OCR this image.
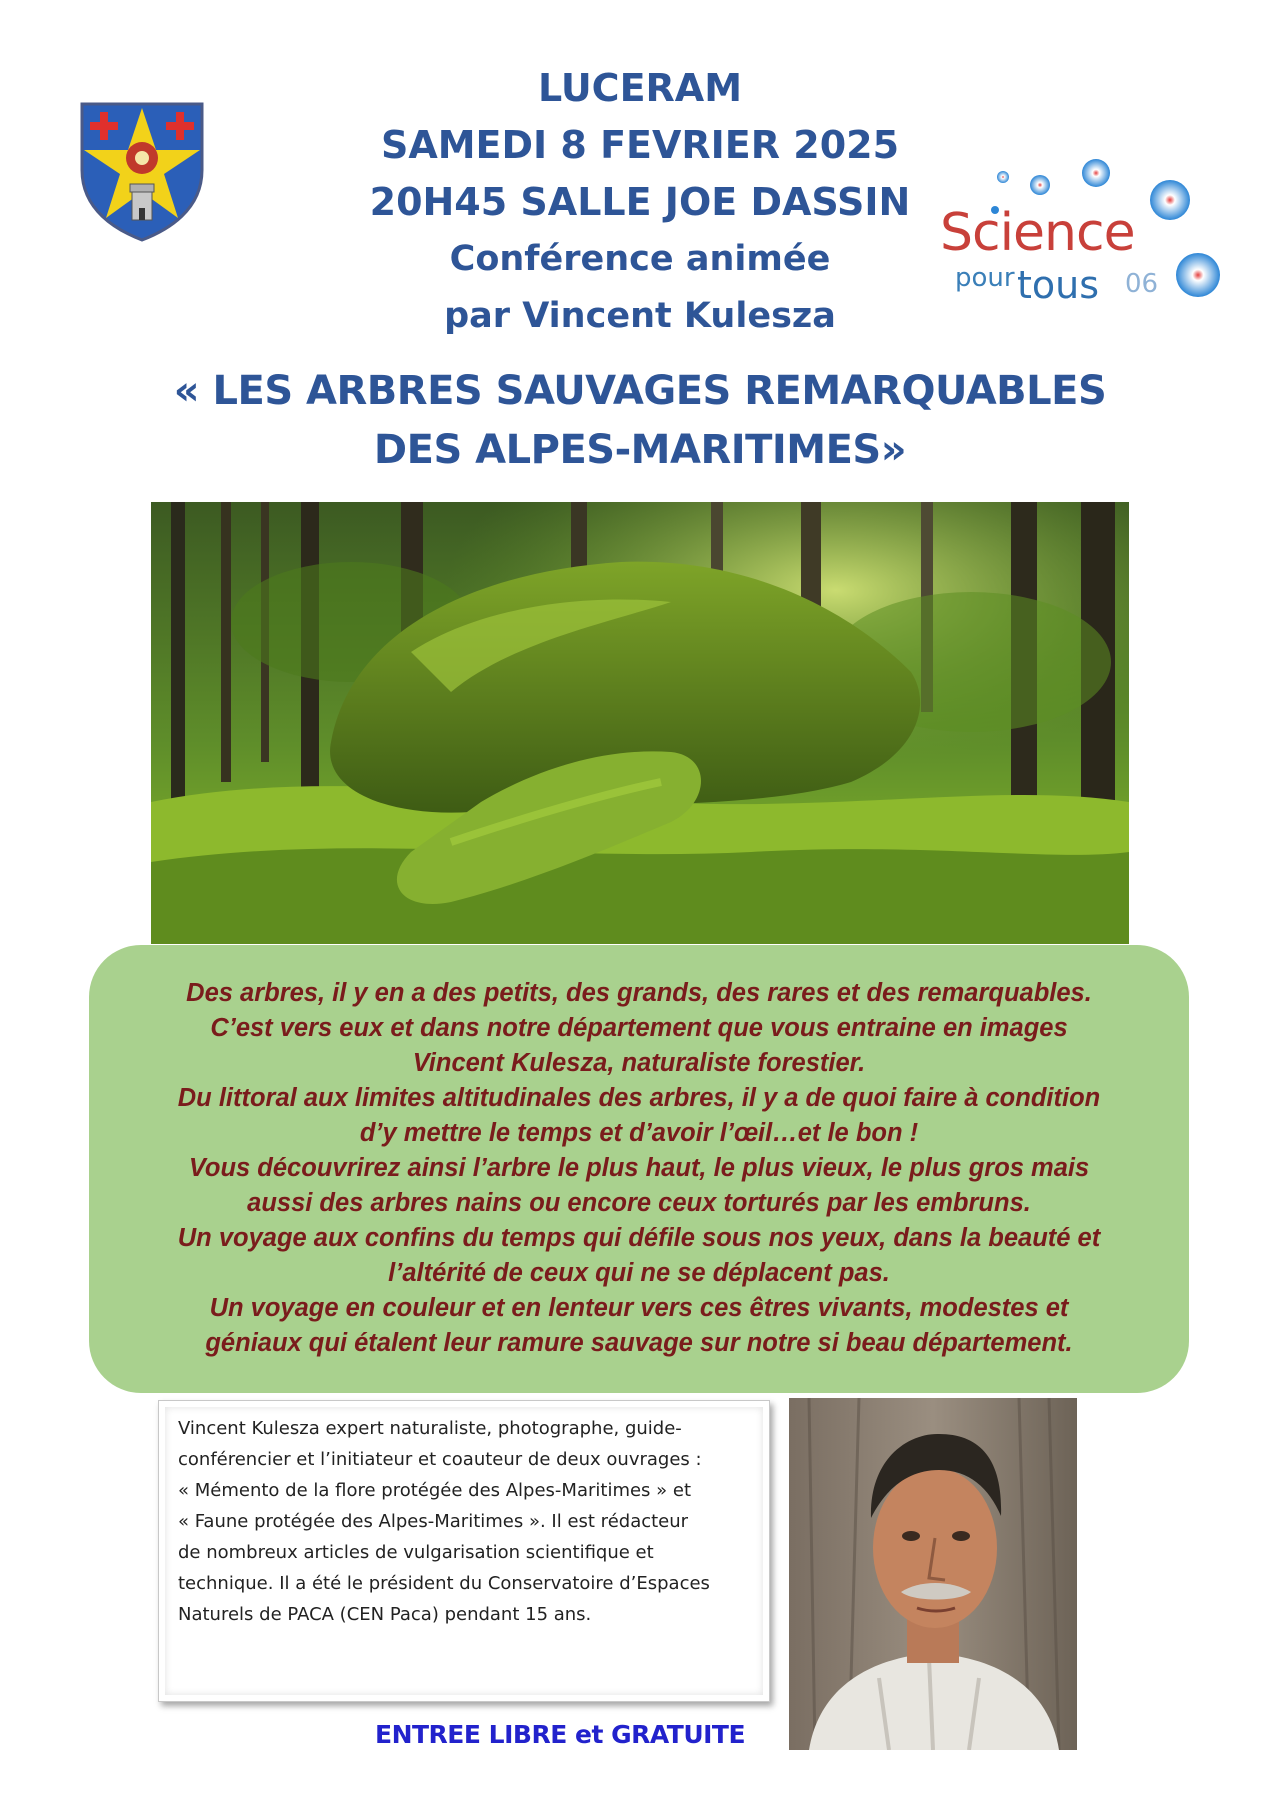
LUCERAM
SAMEDI 8 FEVRIER 2025
20H45 SALLE JOE DASSIN
Conférence animée
par Vincent Kulesza
Science
pour tous 06
« LES ARBRES SAUVAGES REMARQUABLES
DES ALPES-MARITIMES»
Des arbres, il y en a des petits, des grands, des rares et des remarquables.
C’est vers eux et dans notre département que vous entraine en images
Vincent Kulesza, naturaliste forestier.
Du littoral aux limites altitudinales des arbres, il y a de quoi faire à condition
d’y mettre le temps et d’avoir l’œil…et le bon !
Vous découvrirez ainsi l’arbre le plus haut, le plus vieux, le plus gros mais
aussi des arbres nains ou encore ceux torturés par les embruns.
Un voyage aux confins du temps qui défile sous nos yeux, dans la beauté et
l’altérité de ceux qui ne se déplacent pas.
Un voyage en couleur et en lenteur vers ces êtres vivants, modestes et
géniaux qui étalent leur ramure sauvage sur notre si beau département.
Vincent Kulesza expert naturaliste, photographe, guide-
conférencier et l’initiateur et coauteur de deux ouvrages :
« Mémento de la flore protégée des Alpes-Maritimes » et
« Faune protégée des Alpes-Maritimes ». Il est rédacteur
de nombreux articles de vulgarisation scientifique et
technique. Il a été le président du Conservatoire d’Espaces
Naturels de PACA (CEN Paca) pendant 15 ans.
ENTREE LIBRE et GRATUITE
